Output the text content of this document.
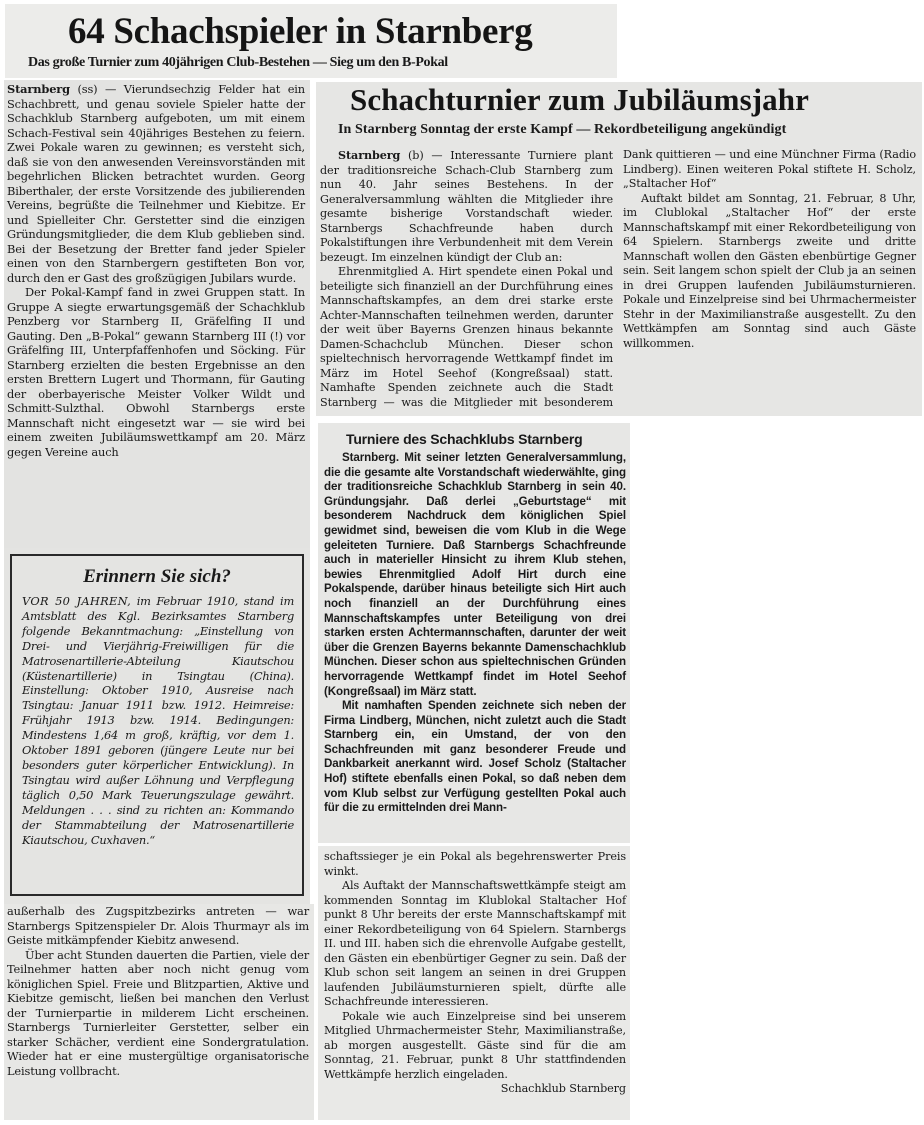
64 Schachspieler in Starnberg
Das große Turnier zum 40jährigen Club-Bestehen — Sieg um den B-Pokal

Starnberg (ss) — Vierundsechzig Felder hat ein Schachbrett, und genau soviele Spieler hatte der Schachklub Starnberg aufgeboten, um mit einem Schach-Festival sein 40jähriges Bestehen zu feiern. Zwei Pokale waren zu gewinnen; es versteht sich, daß sie von den anwesenden Vereinsvorständen mit begehrlichen Blicken betrachtet wurden. Georg Biberthaler, der erste Vorsitzende des jubilierenden Vereins, begrüßte die Teilnehmer und Kiebitze. Er und Spielleiter Chr. Gerstetter sind die einzigen Gründungsmitglieder, die dem Klub geblieben sind. Bei der Besetzung der Bretter fand jeder Spieler einen von den Starnbergern gestifteten Bon vor, durch den er Gast des großzügigen Jubilars wurde.

Der Pokal-Kampf fand in zwei Gruppen statt. In Gruppe A siegte erwartungsgemäß der Schachklub Penzberg vor Starnberg II, Gräfelfing II und Gauting. Den „B-Pokal“ gewann Starnberg III (!) vor Gräfelfing III, Unterpfaffenhofen und Söcking. Für Starnberg erzielten die besten Ergebnisse an den ersten Brettern Lugert und Thormann, für Gauting der oberbayerische Meister Volker Wildt und Schmitt-Sulzthal. Obwohl Starnbergs erste Mannschaft nicht eingesetzt war — sie wird bei einem zweiten Jubiläumswettkampf am 20. März gegen Vereine auch

Erinnern Sie sich?
VOR 50 JAHREN, im Februar 1910, stand im Amtsblatt des Kgl. Bezirksamtes Starnberg folgende Bekanntmachung: „Einstellung von Drei- und Vierjährig-Freiwilligen für die Matrosenartillerie-Abteilung Kiautschou (Küstenartillerie) in Tsingtau (China). Einstellung: Oktober 1910, Ausreise nach Tsingtau: Januar 1911 bzw. 1912. Heimreise: Frühjahr 1913 bzw. 1914. Bedingungen: Mindestens 1,64 m groß, kräftig, vor dem 1. Oktober 1891 geboren (jüngere Leute nur bei besonders guter körperlicher Entwicklung). In Tsingtau wird außer Löhnung und Verpflegung täglich 0,50 Mark Teuerungszulage gewährt. Meldungen . . . sind zu richten an: Kommando der Stammabteilung der Matrosenartillerie Kiautschou, Cuxhaven.“

außerhalb des Zugspitzbezirks antreten — war Starnbergs Spitzenspieler Dr. Alois Thurmayr als im Geiste mitkämpfender Kiebitz anwesend.

Über acht Stunden dauerten die Partien, viele der Teilnehmer hatten aber noch nicht genug vom königlichen Spiel. Freie und Blitzpartien, Aktive und Kiebitze gemischt, ließen bei manchen den Verlust der Turnierpartie in milderem Licht erscheinen. Starnbergs Turnierleiter Gerstetter, selber ein starker Schächer, verdient eine Sondergratulation. Wieder hat er eine mustergültige organisatorische Leistung vollbracht.

Schachturnier zum Jubiläumsjahr
In Starnberg Sonntag der erste Kampf — Rekordbeteiligung angekündigt

Starnberg (b) — Interessante Turniere plant der traditionsreiche Schach-Club Starnberg zum nun 40. Jahr seines Bestehens. In der Generalversammlung wählten die Mitglieder ihre gesamte bisherige Vorstandschaft wieder. Starnbergs Schachfreunde haben durch Pokalstiftungen ihre Verbundenheit mit dem Verein bezeugt. Im einzelnen kündigt der Club an:

Ehrenmitglied A. Hirt spendete einen Pokal und beteiligte sich finanziell an der Durchführung eines Mannschaftskampfes, an dem drei starke erste Achter-Mannschaften teilnehmen werden, darunter der weit über Bayerns Grenzen hinaus bekannte Damen-Schachclub München. Dieser schon spieltechnisch hervorragende Wettkampf findet im März im Hotel Seehof (Kongreßsaal) statt. Namhafte Spenden zeichnete auch die Stadt Starnberg — was die Mitglieder mit besonderem Dank quittieren — und eine Münchner Firma (Radio Lindberg). Einen weiteren Pokal stiftete H. Scholz, „Staltacher Hof“

Auftakt bildet am Sonntag, 21. Februar, 8 Uhr, im Clublokal „Staltacher Hof“ der erste Mannschaftskampf mit einer Rekordbeteiligung von 64 Spielern. Starnbergs zweite und dritte Mannschaft wollen den Gästen ebenbürtige Gegner sein. Seit langem schon spielt der Club ja an seinen in drei Gruppen laufenden Jubiläumsturnieren. Pokale und Einzelpreise sind bei Uhrmachermeister Stehr in der Maximilianstraße ausgestellt. Zu den Wettkämpfen am Sonntag sind auch Gäste willkommen.

Turniere des Schachklubs Starnberg

Starnberg. Mit seiner letzten Generalversammlung, die die gesamte alte Vorstandschaft wiederwählte, ging der traditionsreiche Schachklub Starnberg in sein 40. Gründungsjahr. Daß derlei „Geburtstage“ mit besonderem Nachdruck dem königlichen Spiel gewidmet sind, beweisen die vom Klub in die Wege geleiteten Turniere. Daß Starnbergs Schachfreunde auch in materieller Hinsicht zu ihrem Klub stehen, bewies Ehrenmitglied Adolf Hirt durch eine Pokalspende, darüber hinaus beteiligte sich Hirt auch noch finanziell an der Durchführung eines Mannschaftskampfes unter Beteiligung von drei starken ersten Achtermannschaften, darunter der weit über die Grenzen Bayerns bekannte Damenschachklub München. Dieser schon aus spieltechnischen Gründen hervorragende Wettkampf findet im Hotel Seehof (Kongreßsaal) im März statt.

Mit namhaften Spenden zeichnete sich neben der Firma Lindberg, München, nicht zuletzt auch die Stadt Starnberg ein, ein Umstand, der von den Schachfreunden mit ganz besonderer Freude und Dankbarkeit anerkannt wird. Josef Scholz (Staltacher Hof) stiftete ebenfalls einen Pokal, so daß neben dem vom Klub selbst zur Verfügung gestellten Pokal auch für die zu ermittelnden drei Mann-

schaftssieger je ein Pokal als begehrenswerter Preis winkt.

Als Auftakt der Mannschaftswettkämpfe steigt am kommenden Sonntag im Klublokal Staltacher Hof punkt 8 Uhr bereits der erste Mannschaftskampf mit einer Rekordbeteiligung von 64 Spielern. Starnbergs II. und III. haben sich die ehrenvolle Aufgabe gestellt, den Gästen ein ebenbürtiger Gegner zu sein. Daß der Klub schon seit langem an seinen in drei Gruppen laufenden Jubiläumsturnieren spielt, dürfte alle Schachfreunde interessieren.

Pokale wie auch Einzelpreise sind bei unserem Mitglied Uhrmachermeister Stehr, Maximilianstraße, ab morgen ausgestellt. Gäste sind für die am Sonntag, 21. Februar, punkt 8 Uhr stattfindenden Wettkämpfe herzlich eingeladen.

Schachklub Starnberg
